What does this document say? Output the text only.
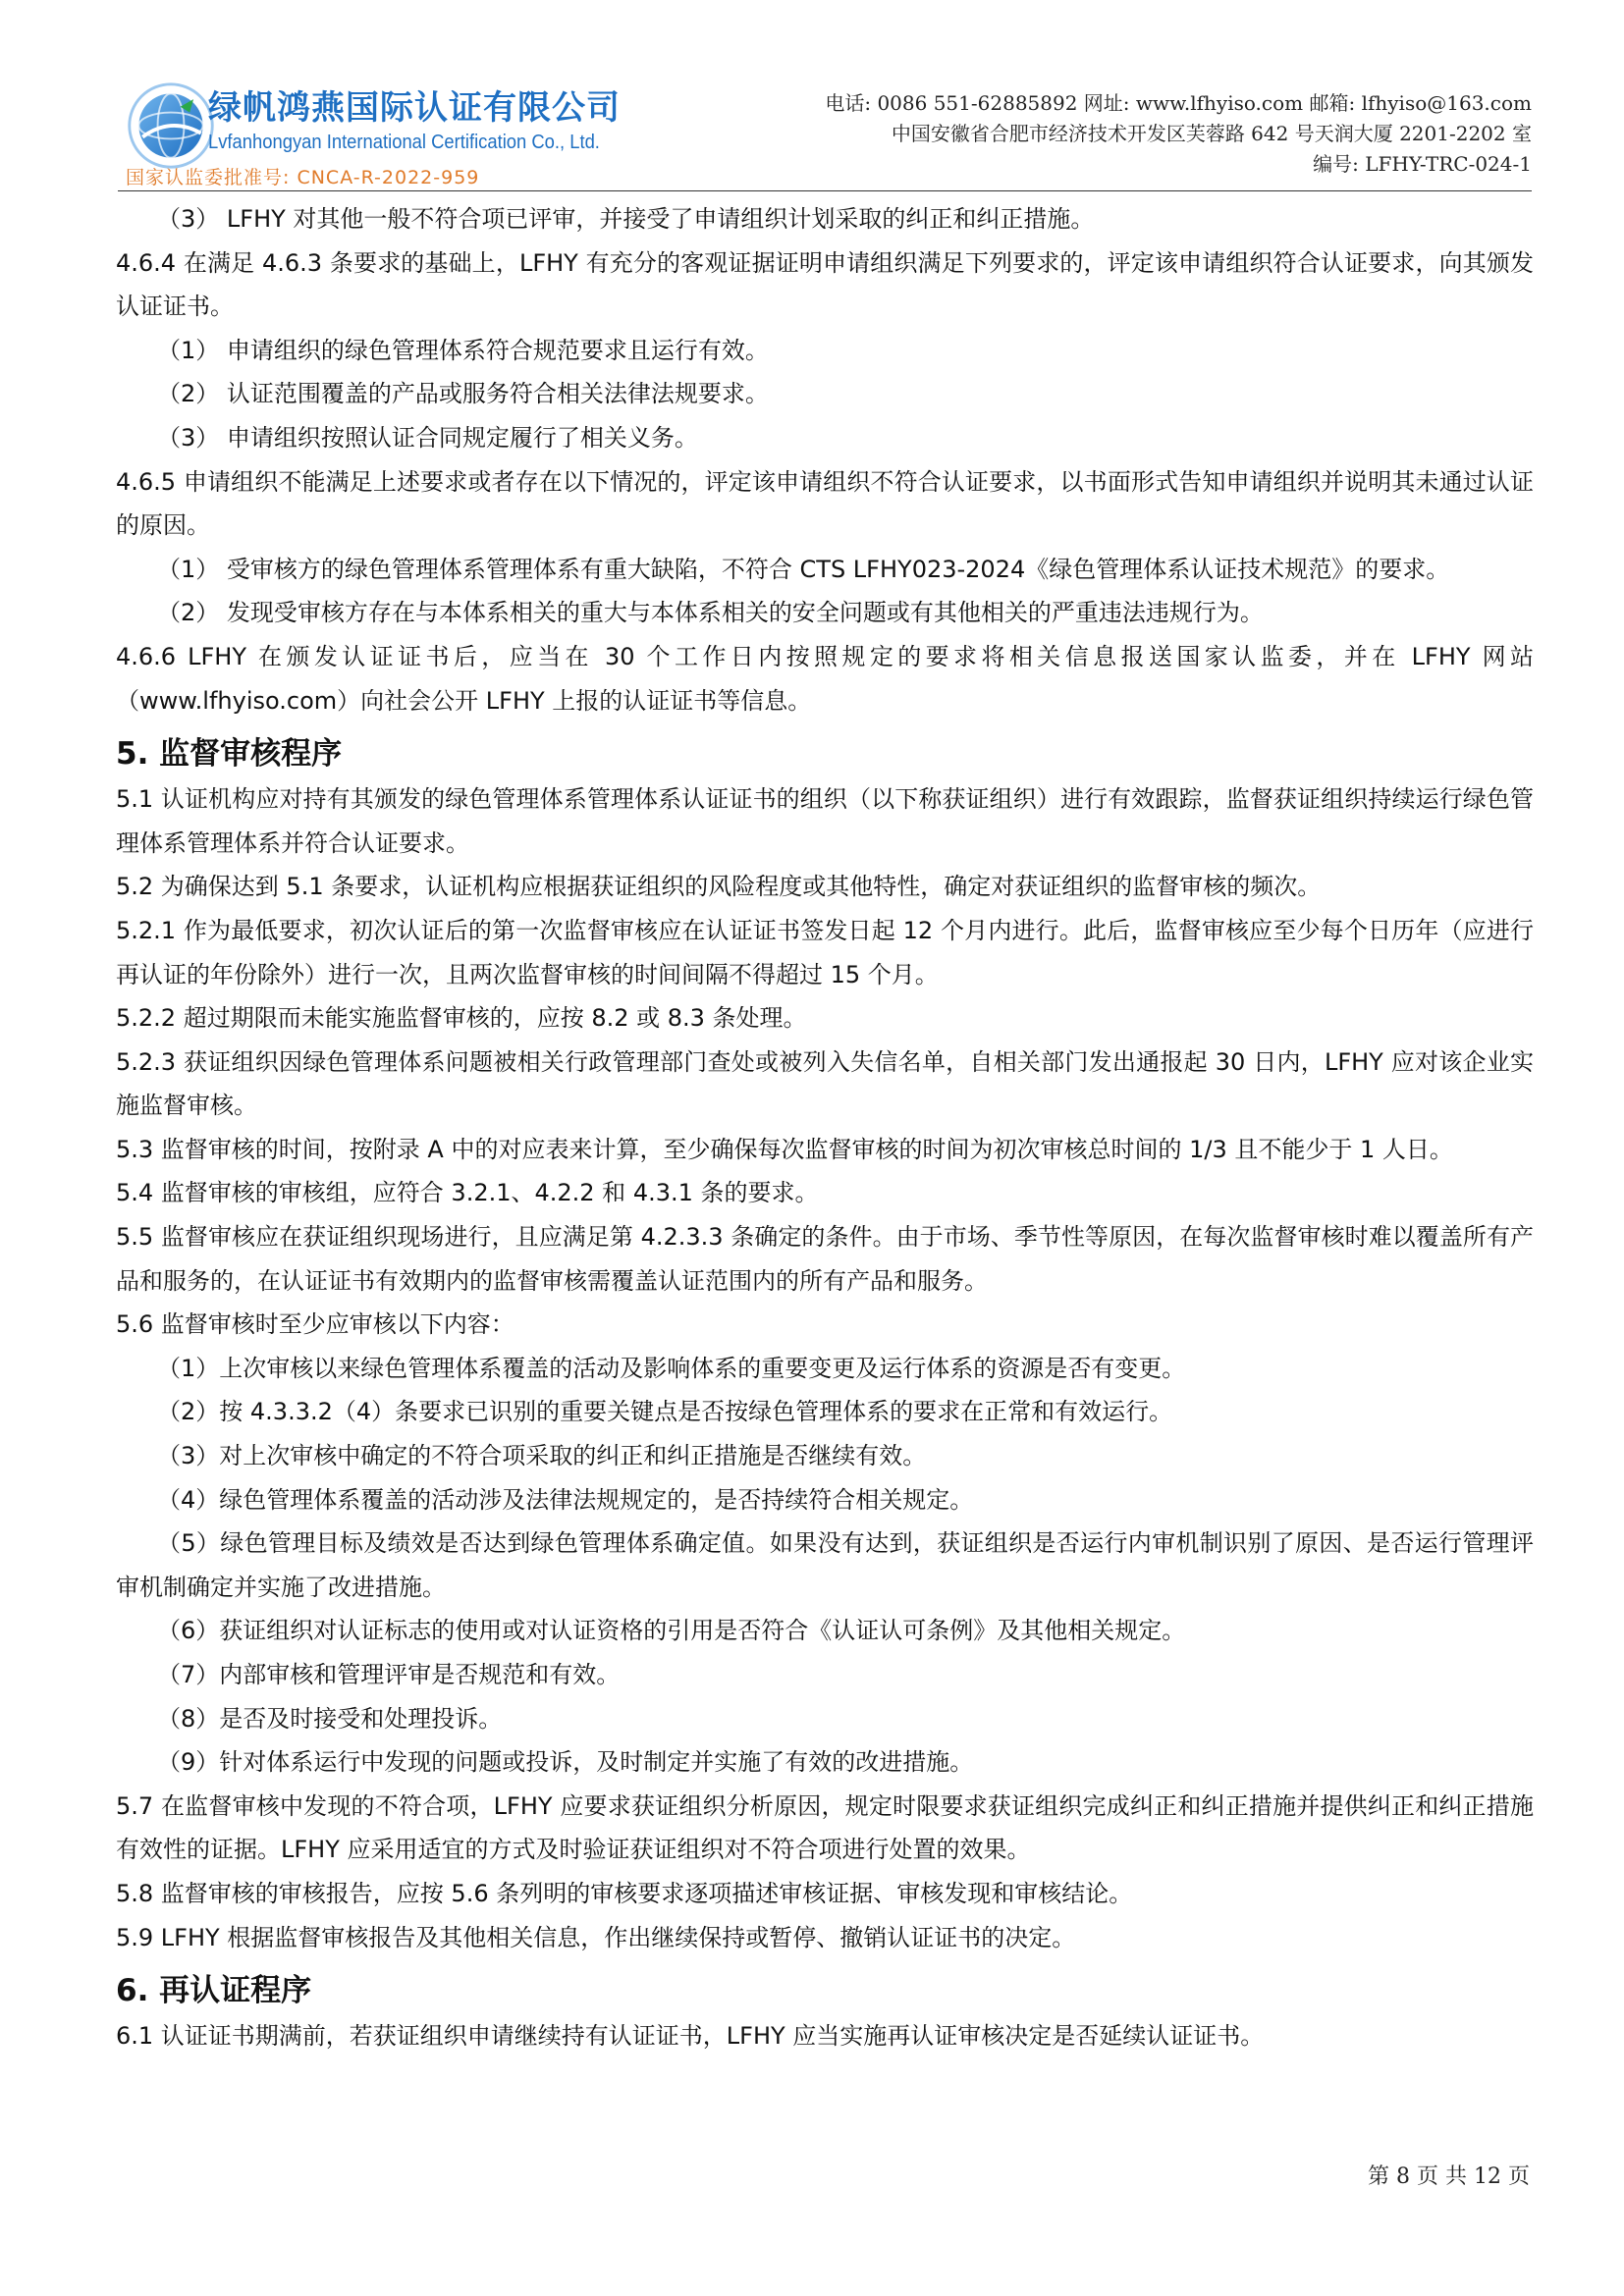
绿帆鸿燕国际认证有限公司
Lvfanhongyan International Certification Co., Ltd.
国家认监委批准号: CNCA-R-2022-959
电话: 0086 551-62885892 网址: www.lfhyiso.com 邮箱: lfhyiso@163.com
中国安徽省合肥市经济技术开发区芙蓉路 642 号天润大厦 2201-2202 室
编号: LFHY-TRC-024-1

（3） LFHY 对其他一般不符合项已评审，并接受了申请组织计划采取的纠正和纠正措施。

4.6.4 在满足 4.6.3 条要求的基础上，LFHY 有充分的客观证据证明申请组织满足下列要求的，评定该申请组织符合认证要求，向其颁发认证证书。

（1） 申请组织的绿色管理体系符合规范要求且运行有效。

（2） 认证范围覆盖的产品或服务符合相关法律法规要求。

（3） 申请组织按照认证合同规定履行了相关义务。

4.6.5 申请组织不能满足上述要求或者存在以下情况的，评定该申请组织不符合认证要求，以书面形式告知申请组织并说明其未通过认证的原因。

（1） 受审核方的绿色管理体系管理体系有重大缺陷，不符合 CTS LFHY023-2024《绿色管理体系认证技术规范》的要求。

（2） 发现受审核方存在与本体系相关的重大与本体系相关的安全问题或有其他相关的严重违法违规行为。

4.6.6 LFHY 在颁发认证证书后，应当在 30 个工作日内按照规定的要求将相关信息报送国家认监委，并在 LFHY 网站（www.lfhyiso.com）向社会公开 LFHY 上报的认证证书等信息。

5. 监督审核程序

5.1 认证机构应对持有其颁发的绿色管理体系管理体系认证证书的组织（以下称获证组织）进行有效跟踪，监督获证组织持续运行绿色管理体系管理体系并符合认证要求。

5.2 为确保达到 5.1 条要求，认证机构应根据获证组织的风险程度或其他特性，确定对获证组织的监督审核的频次。

5.2.1 作为最低要求，初次认证后的第一次监督审核应在认证证书签发日起 12 个月内进行。此后，监督审核应至少每个日历年（应进行再认证的年份除外）进行一次，且两次监督审核的时间间隔不得超过 15 个月。

5.2.2 超过期限而未能实施监督审核的，应按 8.2 或 8.3 条处理。

5.2.3 获证组织因绿色管理体系问题被相关行政管理部门查处或被列入失信名单，自相关部门发出通报起 30 日内，LFHY 应对该企业实施监督审核。

5.3 监督审核的时间，按附录 A 中的对应表来计算，至少确保每次监督审核的时间为初次审核总时间的 1/3 且不能少于 1 人日。

5.4 监督审核的审核组，应符合 3.2.1、4.2.2 和 4.3.1 条的要求。

5.5 监督审核应在获证组织现场进行，且应满足第 4.2.3.3 条确定的条件。由于市场、季节性等原因，在每次监督审核时难以覆盖所有产品和服务的，在认证证书有效期内的监督审核需覆盖认证范围内的所有产品和服务。

5.6 监督审核时至少应审核以下内容：

（1）上次审核以来绿色管理体系覆盖的活动及影响体系的重要变更及运行体系的资源是否有变更。

（2）按 4.3.3.2（4）条要求已识别的重要关键点是否按绿色管理体系的要求在正常和有效运行。

（3）对上次审核中确定的不符合项采取的纠正和纠正措施是否继续有效。

（4）绿色管理体系覆盖的活动涉及法律法规规定的，是否持续符合相关规定。

（5）绿色管理目标及绩效是否达到绿色管理体系确定值。如果没有达到，获证组织是否运行内审机制识别了原因、是否运行管理评审机制确定并实施了改进措施。

（6）获证组织对认证标志的使用或对认证资格的引用是否符合《认证认可条例》及其他相关规定。

（7）内部审核和管理评审是否规范和有效。

（8）是否及时接受和处理投诉。

（9）针对体系运行中发现的问题或投诉，及时制定并实施了有效的改进措施。

5.7 在监督审核中发现的不符合项，LFHY 应要求获证组织分析原因，规定时限要求获证组织完成纠正和纠正措施并提供纠正和纠正措施有效性的证据。LFHY 应采用适宜的方式及时验证获证组织对不符合项进行处置的效果。

5.8 监督审核的审核报告，应按 5.6 条列明的审核要求逐项描述审核证据、审核发现和审核结论。

5.9 LFHY 根据监督审核报告及其他相关信息，作出继续保持或暂停、撤销认证证书的决定。

6. 再认证程序

6.1 认证证书期满前，若获证组织申请继续持有认证证书，LFHY 应当实施再认证审核决定是否延续认证证书。

第 8 页 共 12 页
